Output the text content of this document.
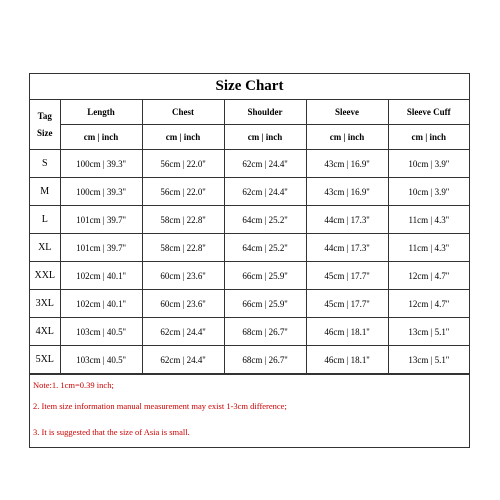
Size Chart
Tag
Size	Length	Chest	Shoulder	Sleeve	Sleeve Cuff
	cm | inch	cm | inch	cm | inch	cm | inch	cm | inch
S	100cm | 39.3''	56cm | 22.0''	62cm | 24.4''	43cm | 16.9''	10cm | 3.9''
M	100cm | 39.3''	56cm | 22.0''	62cm | 24.4''	43cm | 16.9''	10cm | 3.9''
L	101cm | 39.7''	58cm | 22.8''	64cm | 25.2''	44cm | 17.3''	11cm | 4.3''
XL	101cm | 39.7''	58cm | 22.8''	64cm | 25.2''	44cm | 17.3''	11cm | 4.3''
XXL	102cm | 40.1''	60cm | 23.6''	66cm | 25.9''	45cm | 17.7''	12cm | 4.7''
3XL	102cm | 40.1''	60cm | 23.6''	66cm | 25.9''	45cm | 17.7''	12cm | 4.7''
4XL	103cm | 40.5''	62cm | 24.4''	68cm | 26.7''	46cm | 18.1''	13cm | 5.1''
5XL	103cm | 40.5''	62cm | 24.4''	68cm | 26.7''	46cm | 18.1''	13cm | 5.1''
Note:1. 1cm=0.39 inch;
2. Item size information manual measurement may exist 1-3cm difference;
3. It is suggested that the size of Asia is small.
